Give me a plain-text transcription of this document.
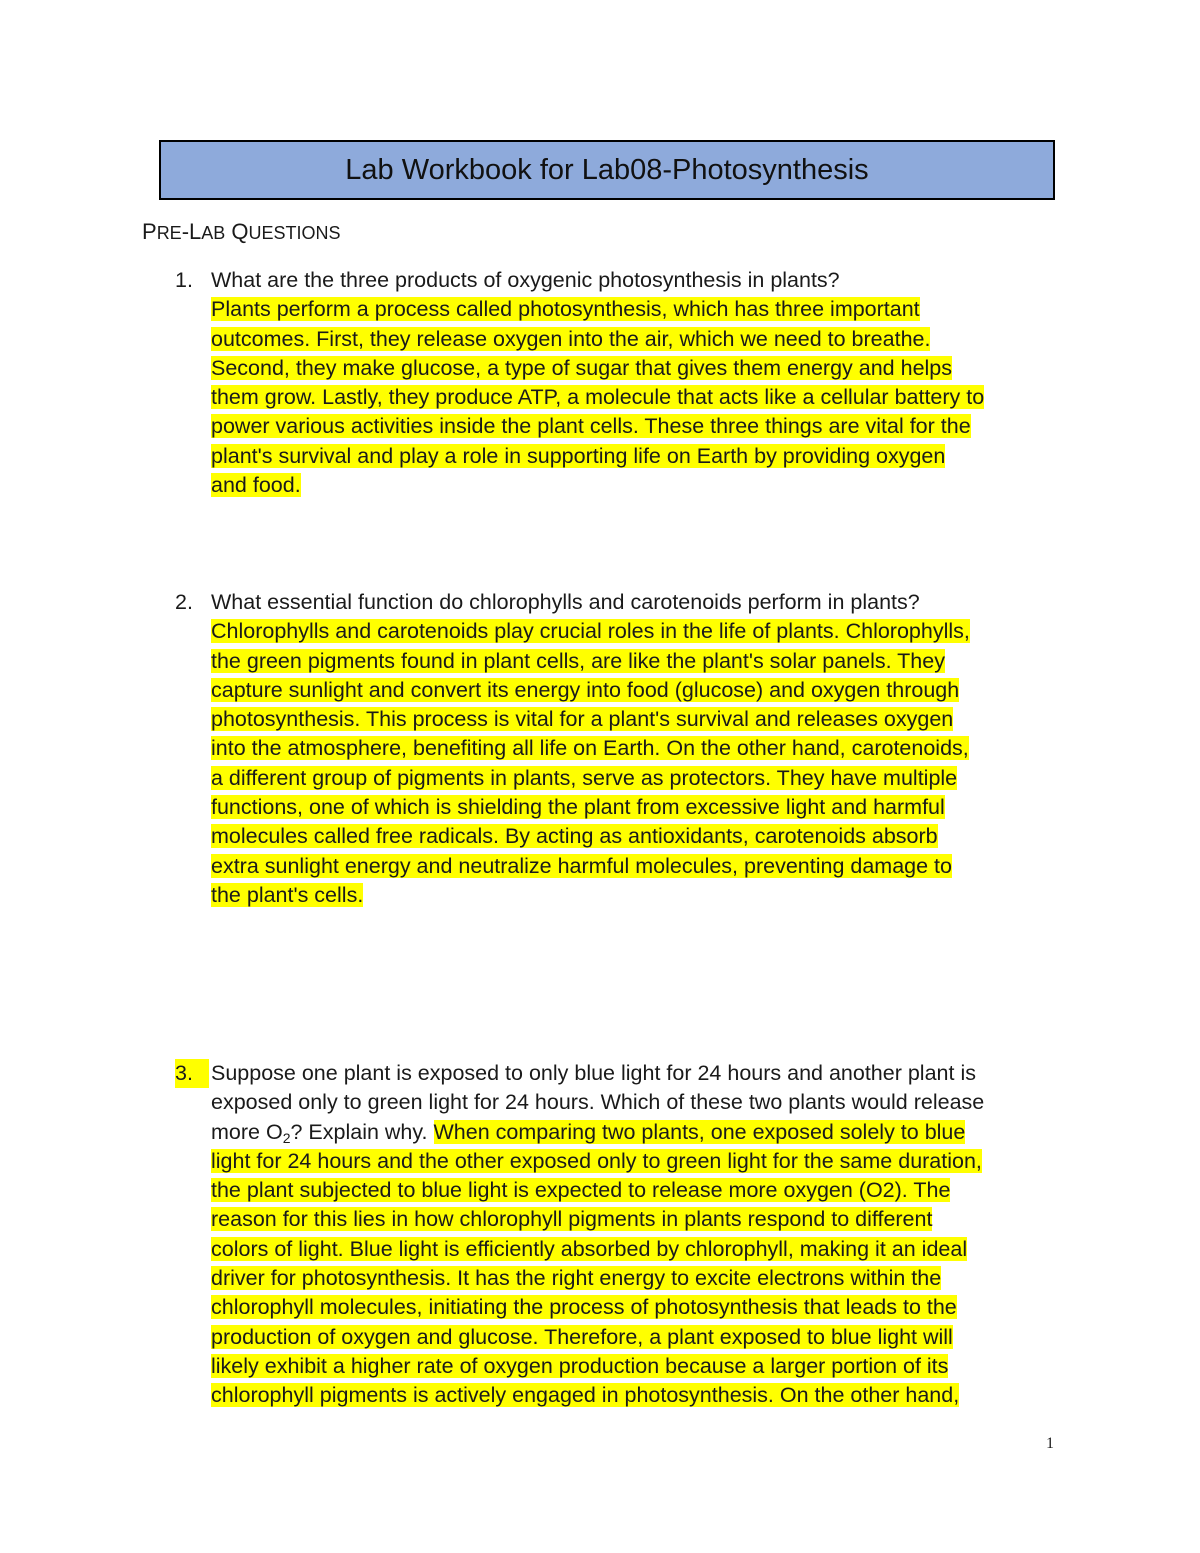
Lab Workbook for Lab08-Photosynthesis
PRE-LAB QUESTIONS
1. What are the three products of oxygenic photosynthesis in plants?
Plants perform a process called photosynthesis, which has three important
outcomes. First, they release oxygen into the air, which we need to breathe.
Second, they make glucose, a type of sugar that gives them energy and helps
them grow. Lastly, they produce ATP, a molecule that acts like a cellular battery to
power various activities inside the plant cells. These three things are vital for the
plant's survival and play a role in supporting life on Earth by providing oxygen
and food.
2. What essential function do chlorophylls and carotenoids perform in plants?
Chlorophylls and carotenoids play crucial roles in the life of plants. Chlorophylls,
the green pigments found in plant cells, are like the plant's solar panels. They
capture sunlight and convert its energy into food (glucose) and oxygen through
photosynthesis. This process is vital for a plant's survival and releases oxygen
into the atmosphere, benefiting all life on Earth. On the other hand, carotenoids,
a different group of pigments in plants, serve as protectors. They have multiple
functions, one of which is shielding the plant from excessive light and harmful
molecules called free radicals. By acting as antioxidants, carotenoids absorb
extra sunlight energy and neutralize harmful molecules, preventing damage to
the plant's cells.
3. Suppose one plant is exposed to only blue light for 24 hours and another plant is
exposed only to green light for 24 hours. Which of these two plants would release
more $O_2$? Explain why. When comparing two plants, one exposed solely to blue
light for 24 hours and the other exposed only to green light for the same duration,
the plant subjected to blue light is expected to release more oxygen (O2). The
reason for this lies in how chlorophyll pigments in plants respond to different
colors of light. Blue light is efficiently absorbed by chlorophyll, making it an ideal
driver for photosynthesis. It has the right energy to excite electrons within the
chlorophyll molecules, initiating the process of photosynthesis that leads to the
production of oxygen and glucose. Therefore, a plant exposed to blue light will
likely exhibit a higher rate of oxygen production because a larger portion of its
chlorophyll pigments is actively engaged in photosynthesis. On the other hand,
1
